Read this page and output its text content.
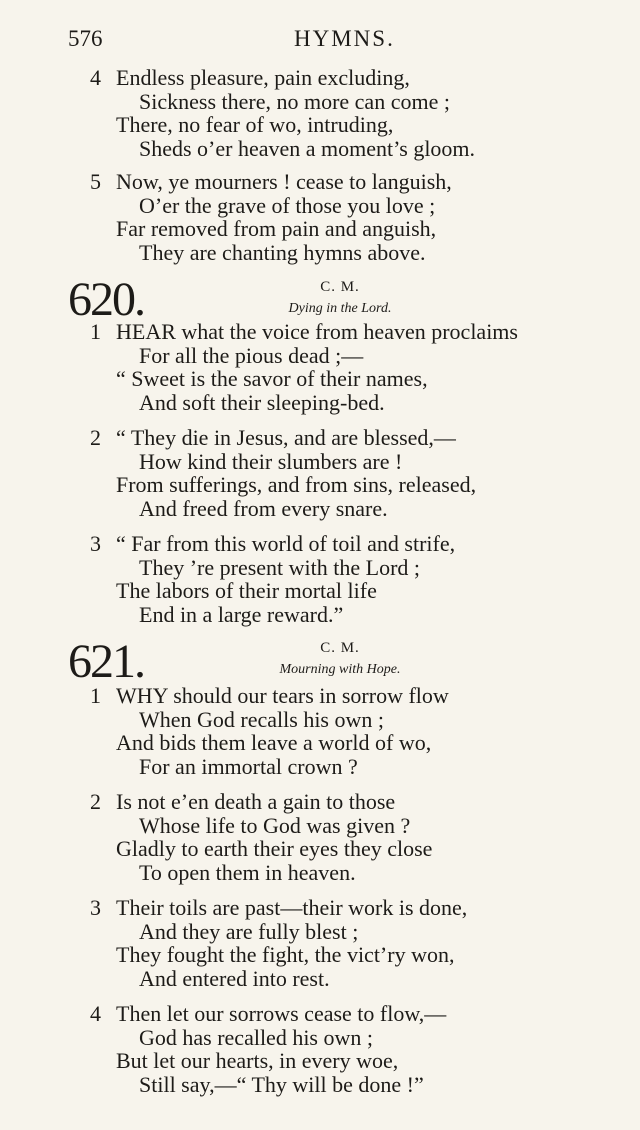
576	HYMNS.
4 Endless pleasure, pain excluding,
Sickness there, no more can come ;
There, no fear of wo, intruding,
Sheds o’er heaven a moment’s gloom.
5 Now, ye mourners ! cease to languish,
O’er the grave of those you love ;
Far removed from pain and anguish,
They are chanting hymns above.
620.	C. M.
Dying in the Lord.
1 HEAR what the voice from heaven proclaims
For all the pious dead ;—
“ Sweet is the savor of their names,
And soft their sleeping-bed.
2 “ They die in Jesus, and are blessed,—
How kind their slumbers are !
From sufferings, and from sins, released,
And freed from every snare.
3 “ Far from this world of toil and strife,
They ’re present with the Lord ;
The labors of their mortal life
End in a large reward.”
621.	C. M.
Mourning with Hope.
1 WHY should our tears in sorrow flow
When God recalls his own ;
And bids them leave a world of wo,
For an immortal crown ?
2 Is not e’en death a gain to those
Whose life to God was given ?
Gladly to earth their eyes they close
To open them in heaven.
3 Their toils are past—their work is done,
And they are fully blest ;
They fought the fight, the vict’ry won,
And entered into rest.
4 Then let our sorrows cease to flow,—
God has recalled his own ;
But let our hearts, in every woe,
Still say,—“ Thy will be done !”
